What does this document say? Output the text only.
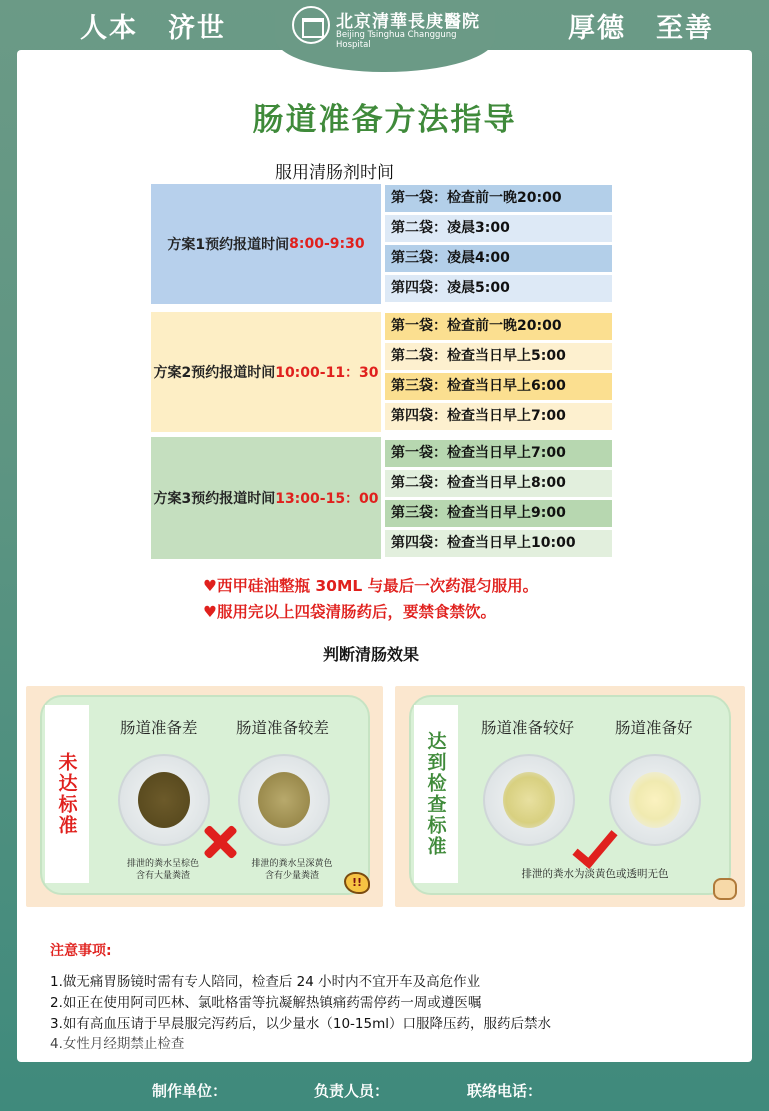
人本 济世	厚德 至善
北京清華長庚醫院
Beijing Tsinghua Changgung Hospital
肠道准备方法指导
服用清肠剂时间
方案1预约报道时间 8:00-9:30
第一袋：检查前一晚20:00
第二袋：凌晨3:00
第三袋：凌晨4:00
第四袋：凌晨5:00
方案2预约报道时间 10:00-11：30
第一袋：检查前一晚20:00
第二袋：检查当日早上5:00
第三袋：检查当日早上6:00
第四袋：检查当日早上7:00
方案3预约报道时间 13:00-15：00
第一袋：检查当日早上7:00
第二袋：检查当日早上8:00
第三袋：检查当日早上9:00
第四袋：检查当日早上10:00
♥西甲硅油整瓶 30ML 与最后一次药混匀服用。
♥服用完以上四袋清肠药后，要禁食禁饮。
判断清肠效果
未达标准
肠道准备差 肠道准备较差
排泄的粪水呈棕色
含有大量粪渣
排泄的粪水呈深黄色
含有少量粪渣	!!
达到检查标准
肠道准备较好	肠道准备好
排泄的粪水为淡黄色或透明无色
注意事项:
1.做无痛胃肠镜时需有专人陪同，检查后 24 小时内不宜开车及高危作业
2.如正在使用阿司匹林、氯吡格雷等抗凝解热镇痛药需停药一周或遵医嘱
3.如有高血压请于早晨服完泻药后，以少量水（10-15ml）口服降压药，服药后禁水
4.女性月经期禁止检查
制作单位：	负责人员：	联络电话：
